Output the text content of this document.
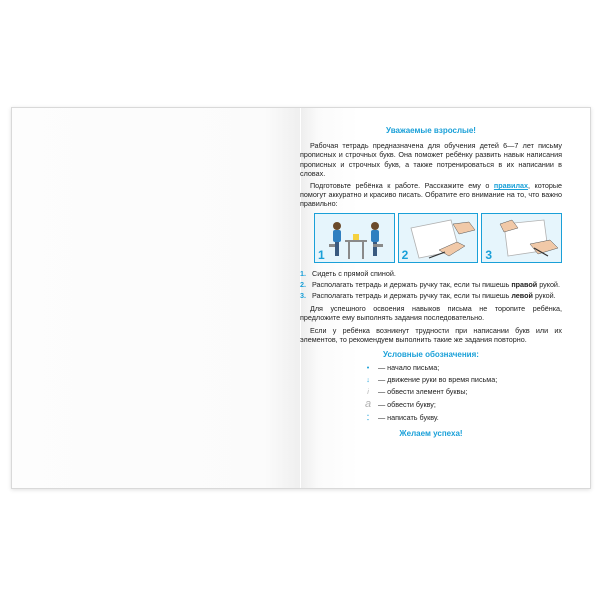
Уважаемые взрослые!

Рабочая тетрадь предназначена для обучения детей 6—7 лет письму прописных и строчных букв. Она поможет ребёнку развить навык написания прописных и строчных букв, а также потренироваться в их написании в словах.

Подготовьте ребёнка к работе. Расскажите ему о правилах, которые помогут аккуратно и красиво писать. Обратите его внимание на то, что важно правильно:

1	2	3
1. Сидеть с прямой спиной.
2. Располагать тетрадь и держать ручку так, если ты пишешь правой рукой.
3. Располагать тетрадь и держать ручку так, если ты пишешь левой рукой.

Для успешного освоения навыков письма не торопите ребёнка, предложите ему выполнять задания последовательно.

Если у ребёнка возникнут трудности при написании букв или их элементов, то рекомендуем выполнить такие же задания повторно.

Условные обозначения:
•	— начало письма;
↓	— движение руки во время письма;
i	— обвести элемент буквы;
a — обвести букву;
⁚	— написать букву.
Желаем успеха!
